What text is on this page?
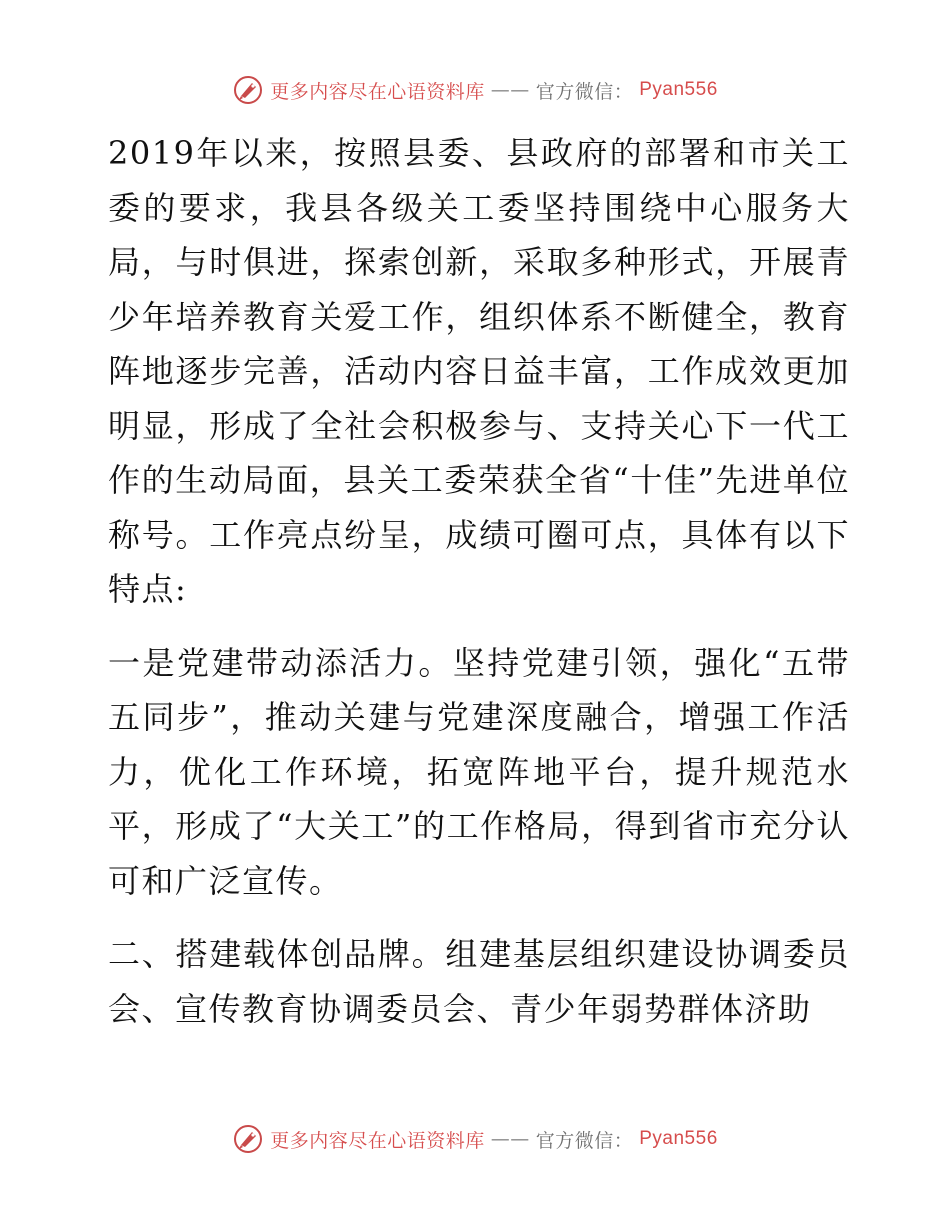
更多内容尽在心语资料库 —— 官方微信： Pyan556

2019年以来，按照县委、县政府的部署和市关工委的要求，我县各级关工委坚持围绕中心服务大局，与时俱进，探索创新，采取多种形式，开展青少年培养教育关爱工作，组织体系不断健全，教育阵地逐步完善，活动内容日益丰富，工作成效更加明显，形成了全社会积极参与、支持关心下一代工作的生动局面，县关工委荣获全省“十佳”先进单位称号。工作亮点纷呈，成绩可圈可点，具体有以下特点:

一是党建带动添活力。坚持党建引领，强化“五带五同步”，推动关建与党建深度融合，增强工作活力，优化工作环境，拓宽阵地平台，提升规范水平，形成了“大关工”的工作格局，得到省市充分认可和广泛宣传。

二、搭建载体创品牌。组建基层组织建设协调委员会、宣传教育协调委员会、青少年弱势群体济助

更多内容尽在心语资料库 —— 官方微信： Pyan556
